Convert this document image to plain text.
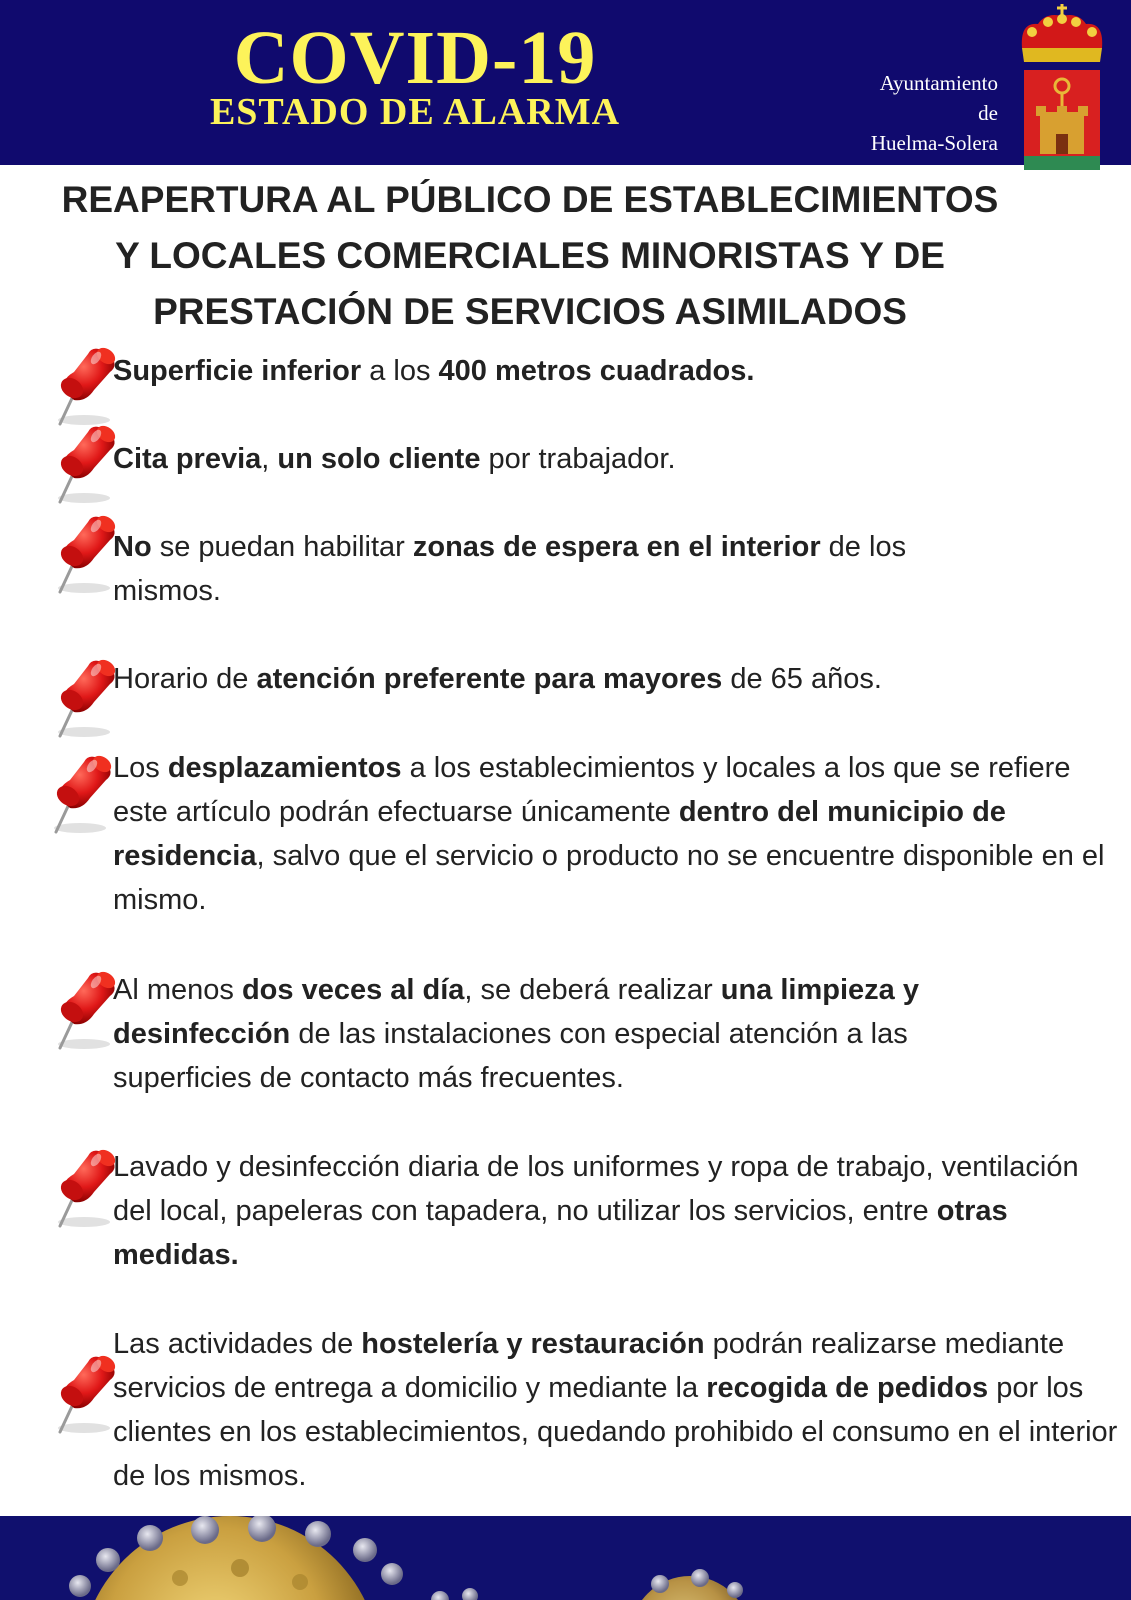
COVID-19
ESTADO DE ALARMA
Ayuntamiento
de
Huelma-Solera
REAPERTURA AL PÚBLICO DE ESTABLECIMIENTOS
Y LOCALES COMERCIALES MINORISTAS Y DE
PRESTACIÓN DE SERVICIOS ASIMILADOS
Superficie inferior a los 400 metros cuadrados.
Cita previa, un solo cliente por trabajador.
No se puedan habilitar zonas de espera en el interior de los mismos.
Horario de atención preferente para mayores de 65 años.
Los desplazamientos a los establecimientos y locales a los que se refiere este artículo podrán efectuarse únicamente dentro del municipio de residencia, salvo que el servicio o producto no se encuentre disponible en el mismo.
Al menos dos veces al día, se deberá realizar una limpieza y desinfección de las instalaciones con especial atención a las superficies de contacto más frecuentes.
Lavado y desinfección diaria de los uniformes y ropa de trabajo, ventilación del local, papeleras con tapadera, no utilizar los servicios, entre otras medidas.
Las actividades de hostelería y restauración podrán realizarse mediante servicios de entrega a domicilio y mediante la recogida de pedidos por los clientes en los establecimientos, quedando prohibido el consumo en el interior de los mismos.
